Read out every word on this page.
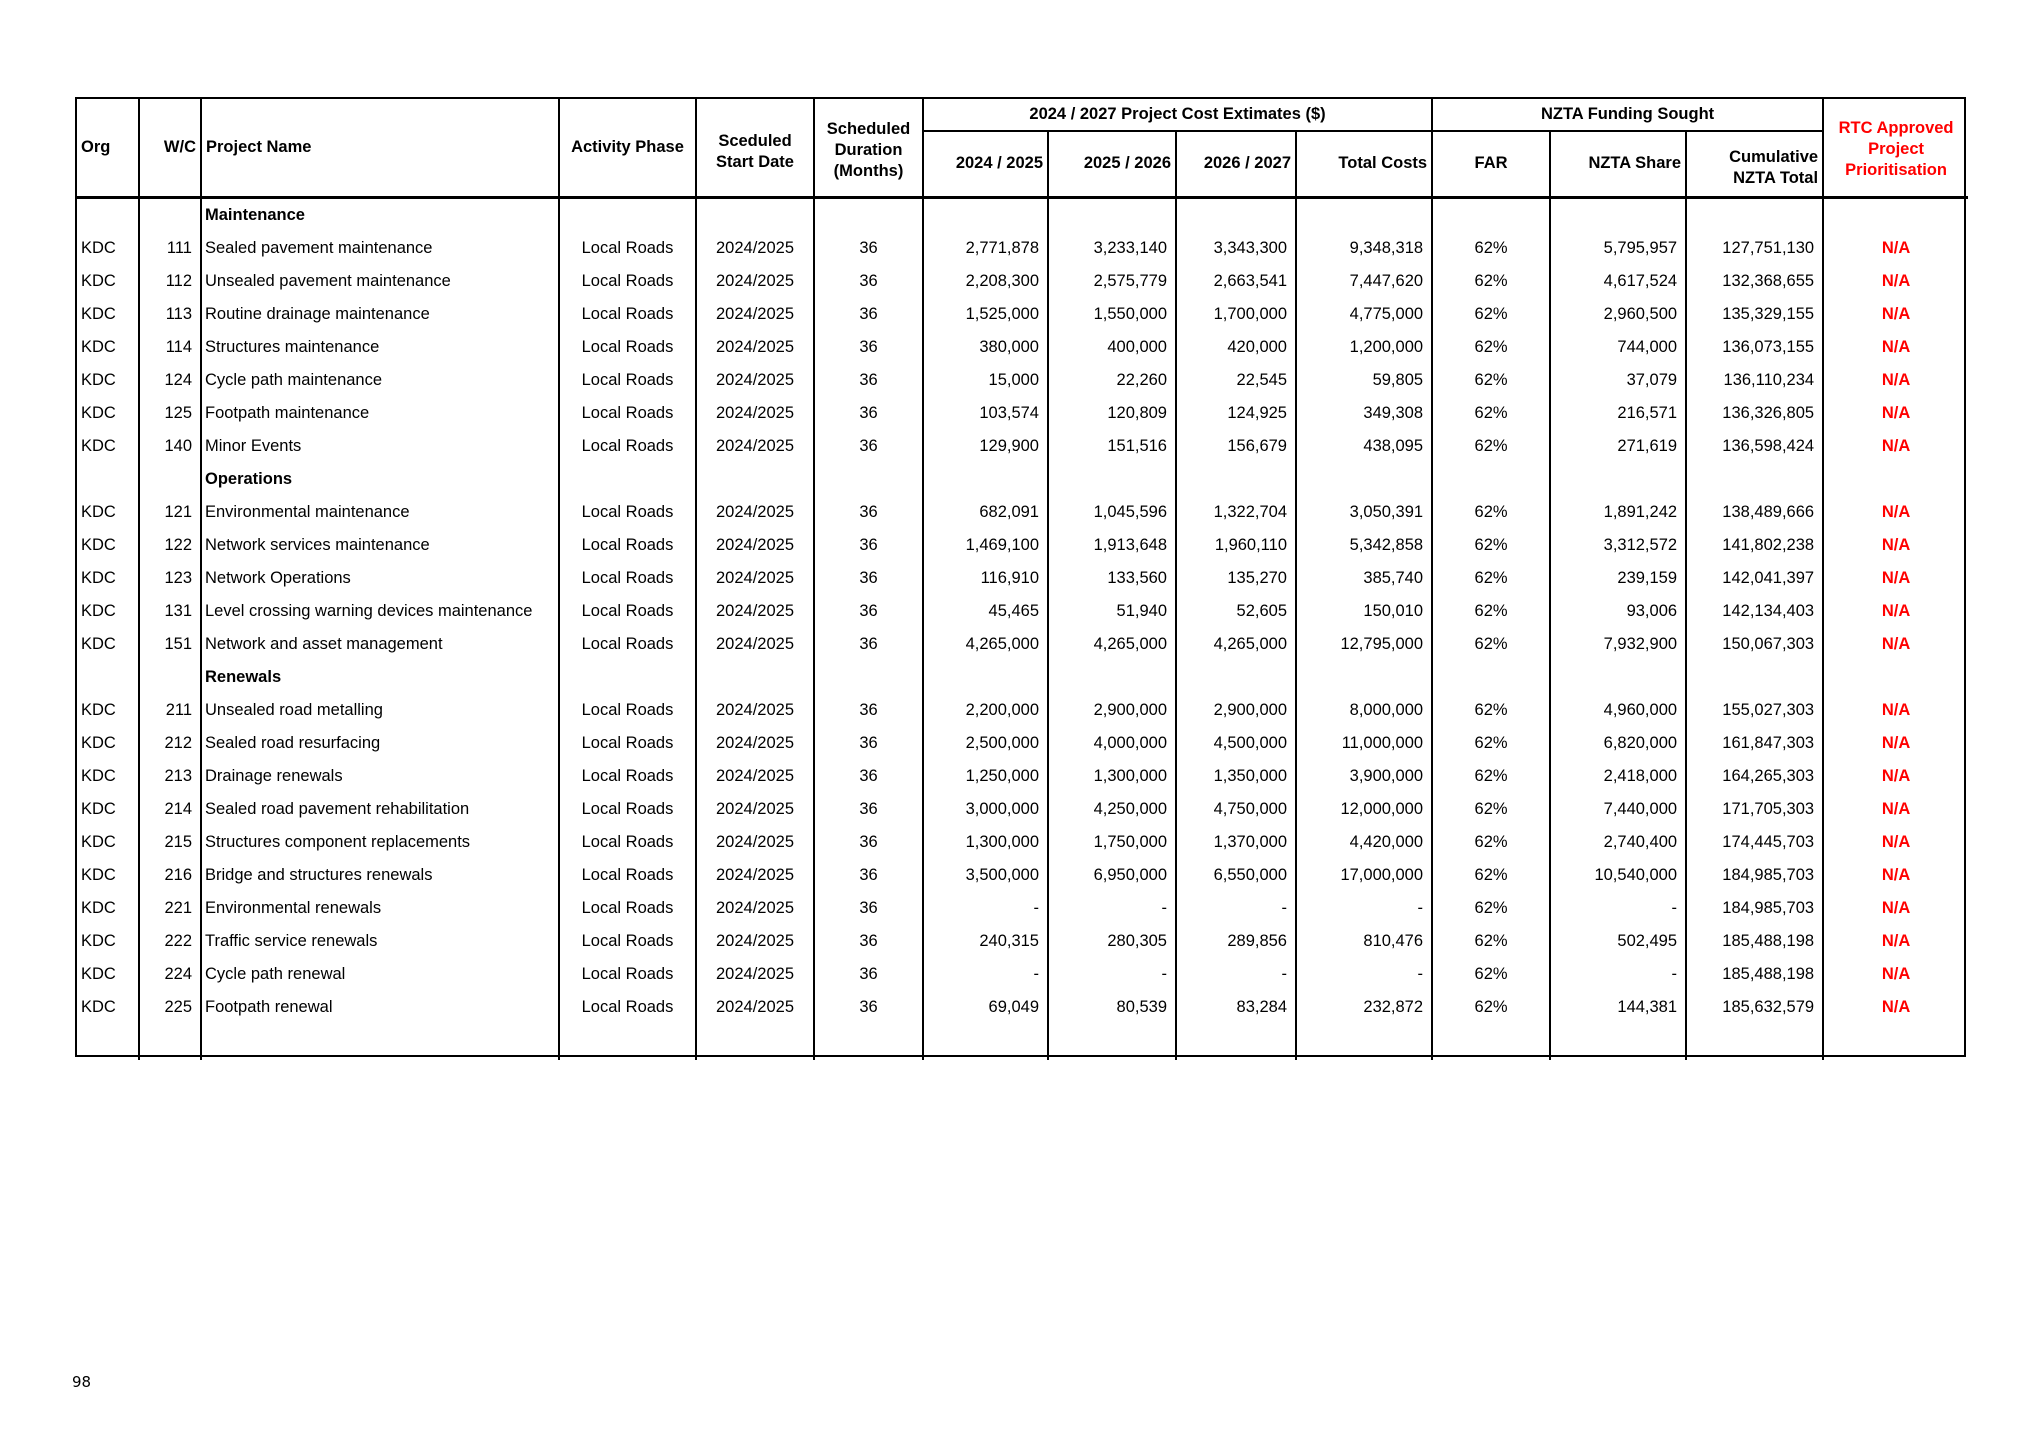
Org	W/C	Project Name	Activity Phase	Sceduled Start Date	Scheduled Duration (Months)	2024 / 2027 Project Cost Extimates ($)				NZTA Funding Sought			RTC Approved Project Prioritisation
						2024 / 2025	2025 / 2026	2026 / 2027	Total Costs	FAR	NZTA Share	Cumulative NZTA Total	
		Maintenance											
KDC	111	Sealed pavement maintenance	Local Roads	2024/2025	36	2,771,878	3,233,140	3,343,300	9,348,318	62%	5,795,957	127,751,130	N/A
KDC	112	Unsealed pavement maintenance	Local Roads	2024/2025	36	2,208,300	2,575,779	2,663,541	7,447,620	62%	4,617,524	132,368,655	N/A
KDC	113	Routine drainage maintenance	Local Roads	2024/2025	36	1,525,000	1,550,000	1,700,000	4,775,000	62%	2,960,500	135,329,155	N/A
KDC	114	Structures maintenance	Local Roads	2024/2025	36	380,000	400,000	420,000	1,200,000	62%	744,000	136,073,155	N/A
KDC	124	Cycle path maintenance	Local Roads	2024/2025	36	15,000	22,260	22,545	59,805	62%	37,079	136,110,234	N/A
KDC	125	Footpath maintenance	Local Roads	2024/2025	36	103,574	120,809	124,925	349,308	62%	216,571	136,326,805	N/A
KDC	140	Minor Events	Local Roads	2024/2025	36	129,900	151,516	156,679	438,095	62%	271,619	136,598,424	N/A
		Operations											
KDC	121	Environmental maintenance	Local Roads	2024/2025	36	682,091	1,045,596	1,322,704	3,050,391	62%	1,891,242	138,489,666	N/A
KDC	122	Network services maintenance	Local Roads	2024/2025	36	1,469,100	1,913,648	1,960,110	5,342,858	62%	3,312,572	141,802,238	N/A
KDC	123	Network Operations	Local Roads	2024/2025	36	116,910	133,560	135,270	385,740	62%	239,159	142,041,397	N/A
KDC	131	Level crossing warning devices maintenance	Local Roads	2024/2025	36	45,465	51,940	52,605	150,010	62%	93,006	142,134,403	N/A
KDC	151	Network and asset management	Local Roads	2024/2025	36	4,265,000	4,265,000	4,265,000	12,795,000	62%	7,932,900	150,067,303	N/A
		Renewals											
KDC	211	Unsealed road metalling	Local Roads	2024/2025	36	2,200,000	2,900,000	2,900,000	8,000,000	62%	4,960,000	155,027,303	N/A
KDC	212	Sealed road resurfacing	Local Roads	2024/2025	36	2,500,000	4,000,000	4,500,000	11,000,000	62%	6,820,000	161,847,303	N/A
KDC	213	Drainage renewals	Local Roads	2024/2025	36	1,250,000	1,300,000	1,350,000	3,900,000	62%	2,418,000	164,265,303	N/A
KDC	214	Sealed road pavement rehabilitation	Local Roads	2024/2025	36	3,000,000	4,250,000	4,750,000	12,000,000	62%	7,440,000	171,705,303	N/A
KDC	215	Structures component replacements	Local Roads	2024/2025	36	1,300,000	1,750,000	1,370,000	4,420,000	62%	2,740,400	174,445,703	N/A
KDC	216	Bridge and structures renewals	Local Roads	2024/2025	36	3,500,000	6,950,000	6,550,000	17,000,000	62%	10,540,000	184,985,703	N/A
KDC	221	Environmental renewals	Local Roads	2024/2025	36	-	-	-	-	62%	-	184,985,703	N/A
KDC	222	Traffic service renewals	Local Roads	2024/2025	36	240,315	280,305	289,856	810,476	62%	502,495	185,488,198	N/A
KDC	224	Cycle path renewal	Local Roads	2024/2025	36	-	-	-	-	62%	-	185,488,198	N/A
KDC	225	Footpath renewal	Local Roads	2024/2025	36	69,049	80,539	83,284	232,872	62%	144,381	185,632,579	N/A

98
